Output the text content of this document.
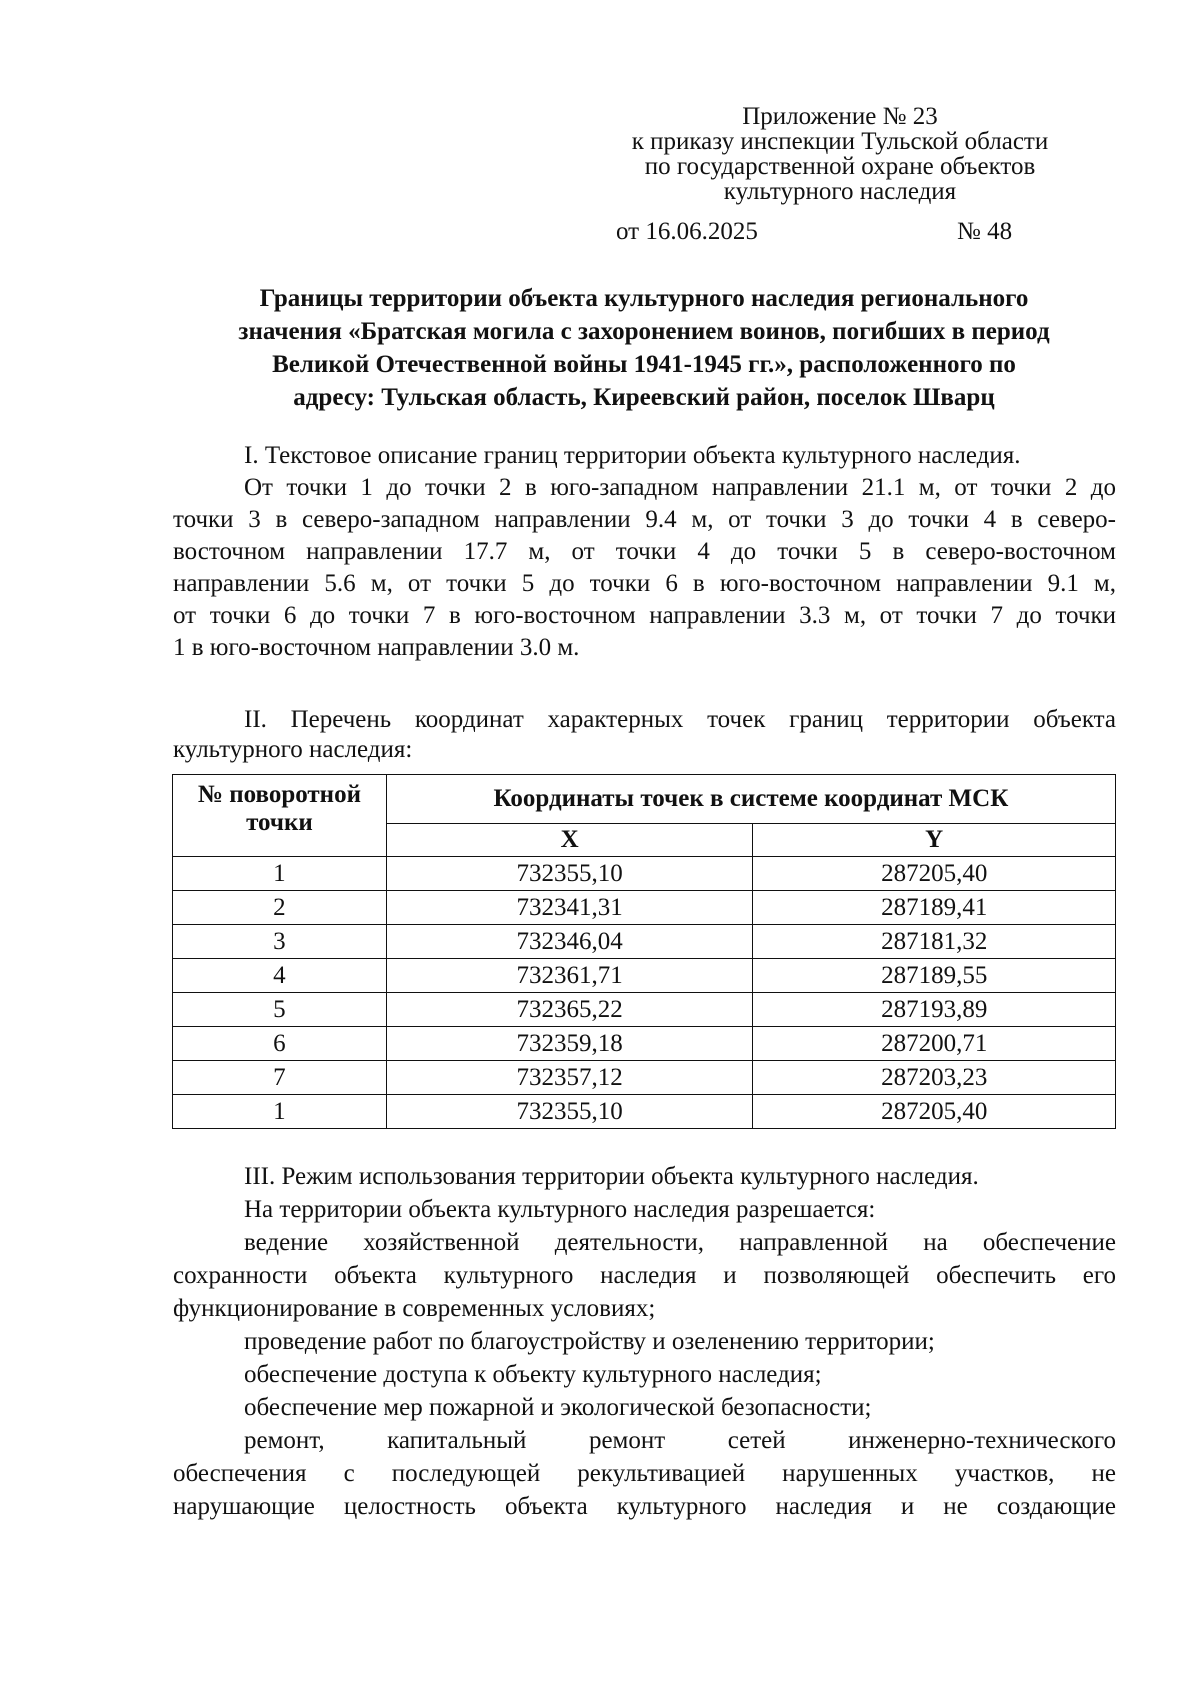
Приложение № 23
к приказу инспекции Тульской области
по государственной охране объектов
культурного наследия
от 16.06.2025	№ 48
Границы территории объекта культурного наследия регионального
значения «Братская могила с захоронением воинов, погибших в период
Великой Отечественной войны 1941-1945 гг.», расположенного по
адресу: Тульская область, Киреевский район, поселок Шварц
I. Текстовое описание границ территории объекта культурного наследия.
От точки 1 до точки 2 в юго-западном направлении 21.1 м, от точки 2 до
точки 3 в северо-западном направлении 9.4 м, от точки 3 до точки 4 в северо-
восточном направлении 17.7 м, от точки 4 до точки 5 в северо-восточном
направлении 5.6 м, от точки 5 до точки 6 в юго-восточном направлении 9.1 м,
от точки 6 до точки 7 в юго-восточном направлении 3.3 м, от точки 7 до точки
1 в юго-восточном направлении 3.0 м.
II. Перечень координат характерных точек границ территории объекта
культурного наследия:
№ поворотной точки	Координаты точек в системе координат МСК	
	X	Y
1	732355,10	287205,40
2	732341,31	287189,41
3	732346,04	287181,32
4	732361,71	287189,55
5	732365,22	287193,89
6	732359,18	287200,71
7	732357,12	287203,23
1	732355,10	287205,40
III. Режим использования территории объекта культурного наследия.
На территории объекта культурного наследия разрешается:
ведение хозяйственной деятельности, направленной на обеспечение
сохранности объекта культурного наследия и позволяющей обеспечить его
функционирование в современных условиях;
проведение работ по благоустройству и озеленению территории;
обеспечение доступа к объекту культурного наследия;
обеспечение мер пожарной и экологической безопасности;
ремонт, капитальный ремонт сетей инженерно-технического
обеспечения с последующей рекультивацией нарушенных участков, не
нарушающие целостность объекта культурного наследия и не создающие
